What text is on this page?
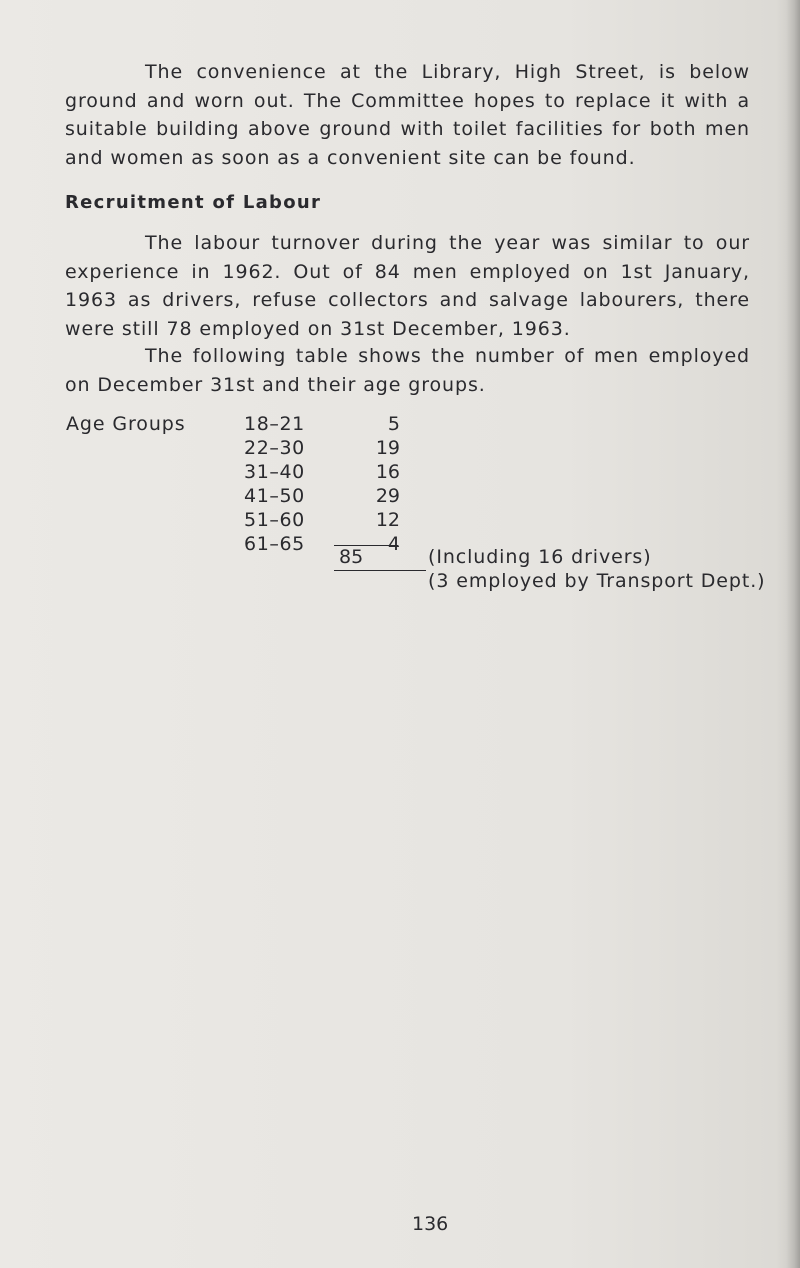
The convenience at the Library, High Street, is below ground and worn out. The Committee hopes to replace it with a suitable building above ground with toilet facilities for both men and women as soon as a convenient site can be found.

Recruitment of Labour

The labour turnover during the year was similar to our experience in 1962. Out of 84 men employed on 1st January, 1963 as drivers, refuse collectors and salvage labourers, there were still 78 employed on 31st December, 1963.

The following table shows the number of men employed on December 31st and their age groups.

Age Groups	18–21	5
22–30	19
31–40	16
41–50	29
51–60	12
61–65	4
85	(Including 16 drivers)
(3 employed by Transport Dept.)
136
